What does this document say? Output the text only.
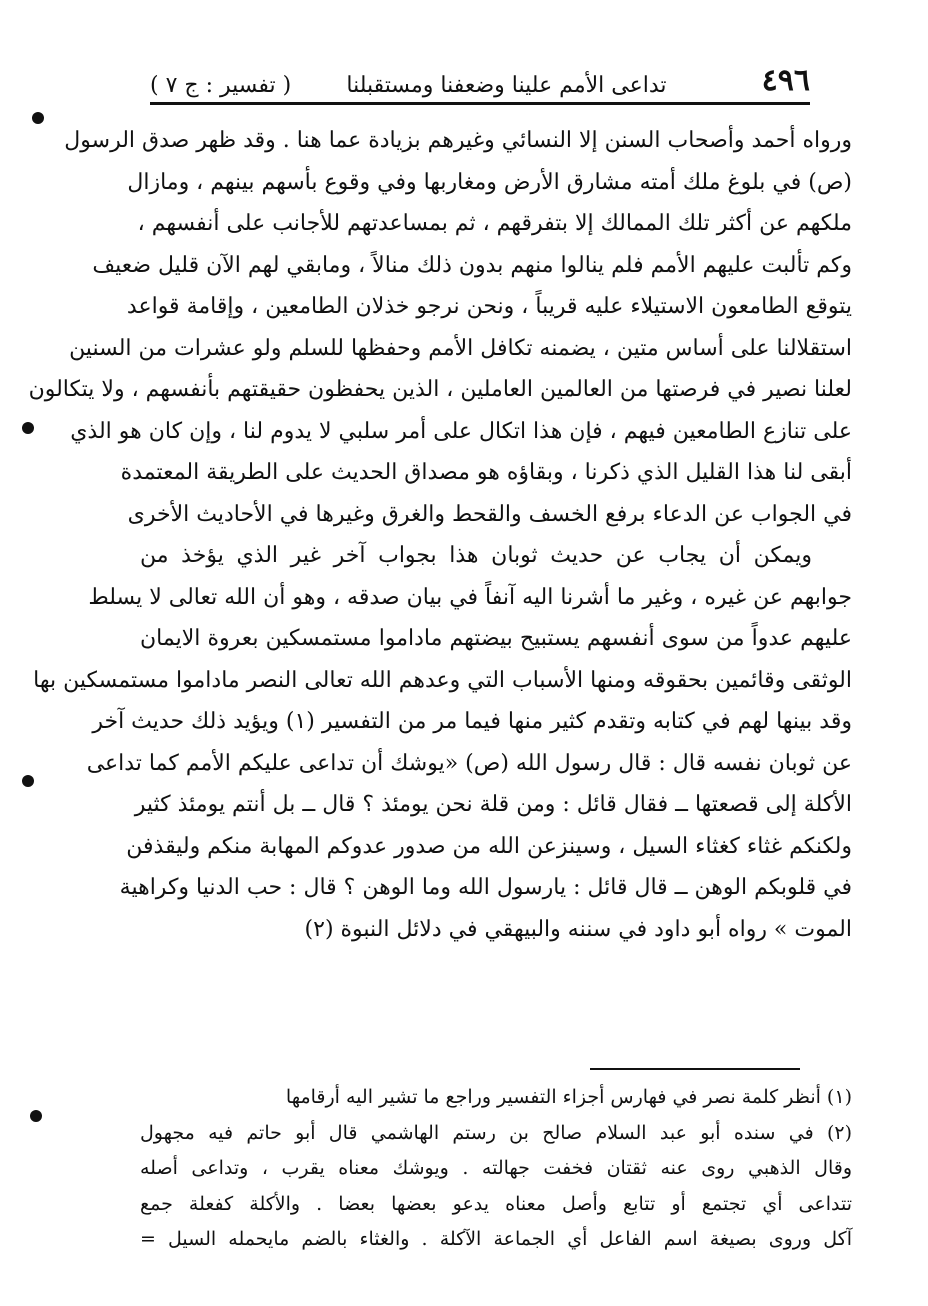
٤٩٦
تداعى الأمم علينا وضعفنا ومستقبلنا
( تفسير : ج ٧ )
ورواه أحمد وأصحاب السنن إلا النسائي وغيرهم بزيادة عما هنا . وقد ظهر صدق الرسول
(ص) في بلوغ ملك أمته مشارق الأرض ومغاربها وفي وقوع بأسهم بينهم ، ومازال
ملكهم عن أكثر تلك الممالك إلا بتفرقهم ، ثم بمساعدتهم للأجانب على أنفسهم ،
وكم تألبت عليهم الأمم فلم ينالوا منهم بدون ذلك منالاً ، ومابقي لهم الآن قليل ضعيف
يتوقع الطامعون الاستيلاء عليه قريباً ، ونحن نرجو خذلان الطامعين ، وإقامة قواعد
استقلالنا على أساس متين ، يضمنه تكافل الأمم وحفظها للسلم ولو عشرات من السنين
لعلنا نصير في فرصتها من العالمين العاملين ، الذين يحفظون حقيقتهم بأنفسهم ، ولا يتكالون
على تنازع الطامعين فيهم ، فإن هذا اتكال على أمر سلبي لا يدوم لنا ، وإن كان هو الذي
أبقى لنا هذا القليل الذي ذكرنا ، وبقاؤه هو مصداق الحديث على الطريقة المعتمدة
في الجواب عن الدعاء برفع الخسف والقحط والغرق وغيرها في الأحاديث الأخرى
ويمكن أن يجاب عن حديث ثوبان هذا بجواب آخر غير الذي يؤخذ من
جوابهم عن غيره ، وغير ما أشرنا اليه آنفاً في بيان صدقه ، وهو أن الله تعالى لا يسلط
عليهم عدواً من سوى أنفسهم يستبيح بيضتهم ماداموا مستمسكين بعروة الايمان
الوثقى وقائمين بحقوقه ومنها الأسباب التي وعدهم الله تعالى النصر ماداموا مستمسكين بها
وقد بينها لهم في كتابه وتقدم كثير منها فيما مر من التفسير (١) ويؤيد ذلك حديث آخر
عن ثوبان نفسه قال : قال رسول الله (ص) «يوشك أن تداعى عليكم الأمم كما تداعى
الأكلة إلى قصعتها ــ فقال قائل : ومن قلة نحن يومئذ ؟ قال ــ بل أنتم يومئذ كثير
ولكنكم غثاء كغثاء السيل ، وسينزعن الله من صدور عدوكم المهابة منكم وليقذفن
في قلوبكم الوهن ــ قال قائل : يارسول الله وما الوهن ؟ قال : حب الدنيا وكراهية
الموت » رواه أبو داود في سننه والبيهقي في دلائل النبوة (٢)
(١) أنظر كلمة نصر في فهارس أجزاء التفسير وراجع ما تشير اليه أرقامها
(٢) في سنده أبو عبد السلام صالح بن رستم الهاشمي قال أبو حاتم فيه مجهول
وقال الذهبي روى عنه ثقتان فخفت جهالته . ويوشك معناه يقرب ، وتداعى أصله
تتداعى أي تجتمع أو تتابع وأصل معناه يدعو بعضها بعضا . والأكلة كفعلة جمع
آكل وروى بصيغة اسم الفاعل أي الجماعة الآكلة . والغثاء بالضم مايحمله السيل =
